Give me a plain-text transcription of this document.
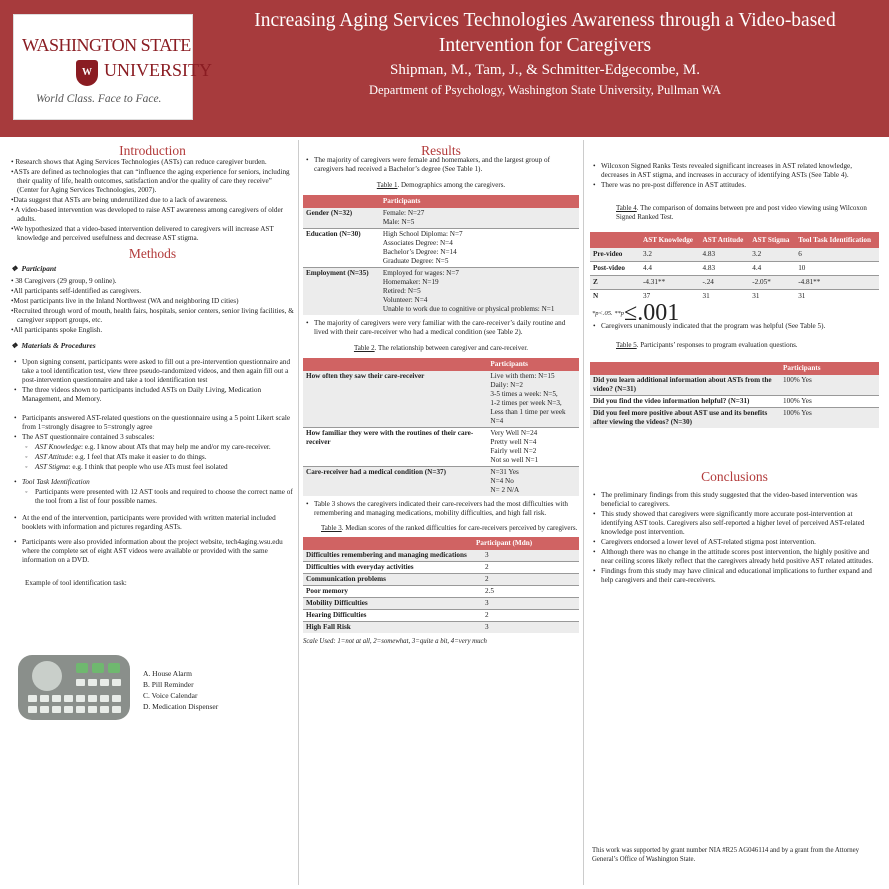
WASHINGTON STATE
W UNIVERSITY
World Class. Face to Face.
Increasing Aging Services Technologies Awareness through a Video-based Intervention for Caregivers
Shipman, M., Tam, J., & Schmitter-Edgecombe, M.
Department of Psychology, Washington State University, Pullman WA
Introduction

• Research shows that Aging Services Technologies (ASTs) can reduce caregiver burden.

•ASTs are defined as technologies that can “influence the aging experience for seniors, including their quality of life, health outcomes, satisfaction and/or the quality of care they receive” (Center for Aging Services Technologies, 2007).

•Data suggest that ASTs are being underutilized due to a lack of awareness.

• A video-based intervention was developed to raise AST awareness among caregivers of older adults.

•We hypothesized that a video-based intervention delivered to caregivers will increase AST knowledge and perceived usefulness and decrease AST stigma.

Methods
❖  Participant

• 38 Caregivers (29 group, 9 online).

•All participants self-identified as caregivers.

•Most participants live in the Inland Northwest (WA and neighboring ID cities)

•Recruited through word of mouth, health fairs, hospitals, senior centers, senior living facilities, & caregiver support groups, etc.

•All participants spoke English.

❖  Materials & Procedures
• Upon signing consent, participants were asked to fill out a pre-intervention questionnaire and take a tool identification test, view three pseudo-randomized videos, and then again fill out a post-intervention questionnaire and take a tool identification test
• The three videos shown to participants included ASTs on Daily Living, Medication Management, and Memory.
• Participants answered AST-related questions on the questionnaire using a 5 point Likert scale from 1=strongly disagree to 5=strongly agree
• The AST questionnaire contained 3 subscales:
◦ AST Knowledge: e.g. I know about ATs that may help me and/or my care-receiver.
◦ AST Attitude: e.g. I feel that ATs make it easier to do things.
◦ AST Stigma: e.g. I think that people who use ATs must feel isolated
• Tool Task Identification
◦ Participants were presented with 12 AST tools and required to choose the correct name of the tool from a list of four possible names.
• At the end of the intervention, participants were provided with written material included booklets with information and pictures regarding ASTs.
• Participants were also provided information about the project website, tech4aging.wsu.edu where the complete set of eight AST videos were available or provided with the same information on a DVD.

Example of tool identification task:

A. House Alarm
B. Pill Reminder
C. Voice Calendar
D. Medication Dispenser
Results
• The majority of caregivers were female and homemakers, and the largest group of caregivers had received a Bachelor’s degree (See Table 1).

Table 1. Demographics among the caregivers.

	Participants
Gender (N=32)	Female: N=27
Male: N=5

Education (N=30)	High School Diploma: N=7
Associates Degree: N=4
Bachelor’s Degree: N=14
Graduate Degree: N=5

Employment (N=35)	Employed for wages: N=7
Homemaker: N=19
Retired: N=5
Volunteer: N=4
Unable to work due to cognitive or physical problems: N=1
• The majority of caregivers were very familiar with the care-receiver’s daily routine and lived with their care-receiver who had a medical condition (see Table 2).

Table 2. The relationship between caregiver and care-receiver.

	Participants
How often they saw their care-receiver	Live with them: N=15
Daily: N=2
3-5 times a week: N=5,
1-2 times per week N=3,
Less than 1 time per week N=4

How familiar they were with the routines of their care-receiver	Very Well N=24
Pretty well N=4
Fairly well N=2
Not so well N=1

Care-receiver had a medical condition (N=37)	N=31 Yes
N=4 No
N= 2 N/A
• Table 3 shows the caregivers indicated their care-receivers had the most difficulties with remembering and managing medications, mobility difficulties, and high fall risk.

Table 3. Median scores of the ranked difficulties for care-receivers perceived by caregivers.

	Participant (Mdn)
Difficulties remembering and managing medications	3
Difficulties with everyday activities	2
Communication problems	2
Poor memory	2.5
Mobility Difficulties	3
Hearing Difficulties	2
High Fall Risk	3

Scale Used: 1=not at all, 2=somewhat, 3=quite a bit, 4=very much

• Wilcoxon Signed Ranks Tests revealed significant increases in AST related knowledge, decreases in AST stigma, and increases in accuracy of identifying ASTs (See Table 4).
• There was no pre-post difference in AST attitudes.

Table 4. The comparison of domains between pre and post video viewing using Wilcoxon Signed Ranked Test.

	AST Knowledge	AST Attitude	AST Stigma	Tool Task Identification
Pre-video	3.2	4.83	3.2	6
Post-video	4.4	4.83	4.4	10
Z	-4.31**	-.24	-2.05*	-4.81**
N	37	31	31	31

*p<.05. **p≤.001

• Caregivers unanimously indicated that the program was helpful (See Table 5).

Table 5. Participants’ responses to program evaluation questions.

	Participants
Did you learn additional information about ASTs from the video? (N=31)	100% Yes
Did you find the video information helpful? (N=31)	100% Yes
Did you feel more positive about AST use and its benefits after viewing the videos? (N=30)	100% Yes
Conclusions
• The preliminary findings from this study suggested that the video-based intervention was beneficial to caregivers.
• This study showed that caregivers were significantly more accurate post-intervention at identifying AST tools. Caregivers also self-reported a higher level of perceived AST-related knowledge post intervention.
• Caregivers endorsed a lower level of AST-related stigma post intervention.
• Although there was no change in the attitude scores post intervention, the highly positive and near ceiling scores likely reflect that the caregivers already held positive AST related attitudes.
• Findings from this study may have clinical and educational implications to further expand and help caregivers and their care-receivers.

This work was supported by grant number NIA #R25 AG046114 and by a grant from the Attorney General’s Office of Washington State.
